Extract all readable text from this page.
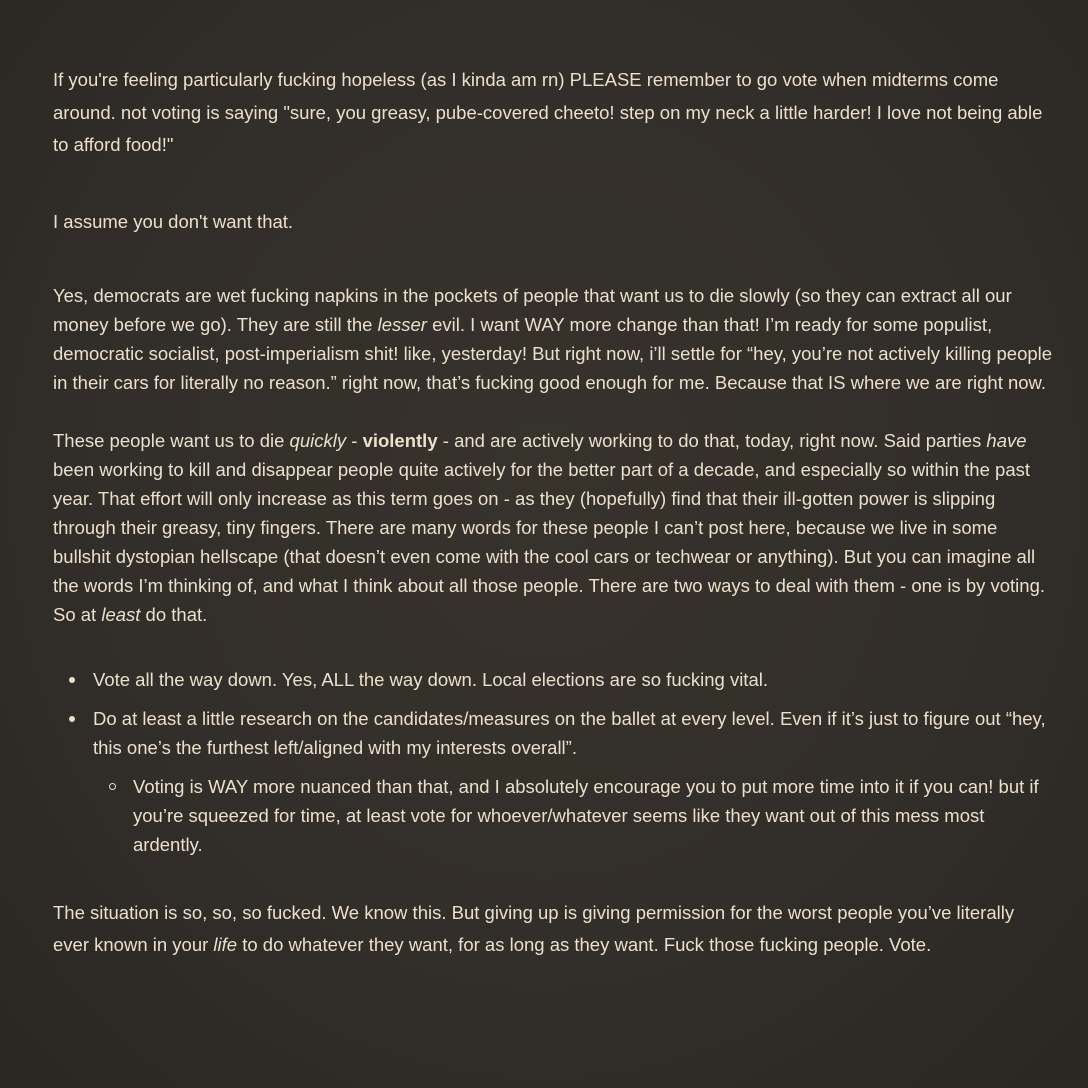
If you're feeling particularly fucking hopeless (as I kinda am rn) PLEASE remember to go vote when midterms come around. not voting is saying "sure, you greasy, pube-covered cheeto! step on my neck a little harder! I love not being able to afford food!"

I assume you don't want that.

Yes, democrats are wet fucking napkins in the pockets of people that want us to die slowly (so they can extract all our money before we go). They are still the lesser evil. I want WAY more change than that! I’m ready for some populist, democratic socialist, post-imperialism shit! like, yesterday! But right now, i’ll settle for “hey, you’re not actively killing people in their cars for literally no reason.” right now, that’s fucking good enough for me. Because that IS where we are right now.

These people want us to die quickly - violently - and are actively working to do that, today, right now. Said parties have been working to kill and disappear people quite actively for the better part of a decade, and especially so within the past year. That effort will only increase as this term goes on - as they (hopefully) find that their ill-gotten power is slipping through their greasy, tiny fingers. There are many words for these people I can’t post here, because we live in some bullshit dystopian hellscape (that doesn’t even come with the cool cars or techwear or anything). But you can imagine all the words I’m thinking of, and what I think about all those people. There are two ways to deal with them - one is by voting. So at least do that.

Vote all the way down. Yes, ALL the way down. Local elections are so fucking vital.
Do at least a little research on the candidates/measures on the ballet at every level. Even if it’s just to figure out “hey, this one’s the furthest left/aligned with my interests overall”.
Voting is WAY more nuanced than that, and I absolutely encourage you to put more time into it if you can! but if you’re squeezed for time, at least vote for whoever/whatever seems like they want out of this mess most ardently.

The situation is so, so, so fucked. We know this. But giving up is giving permission for the worst people you’ve literally ever known in your life to do whatever they want, for as long as they want. Fuck those fucking people. Vote.
